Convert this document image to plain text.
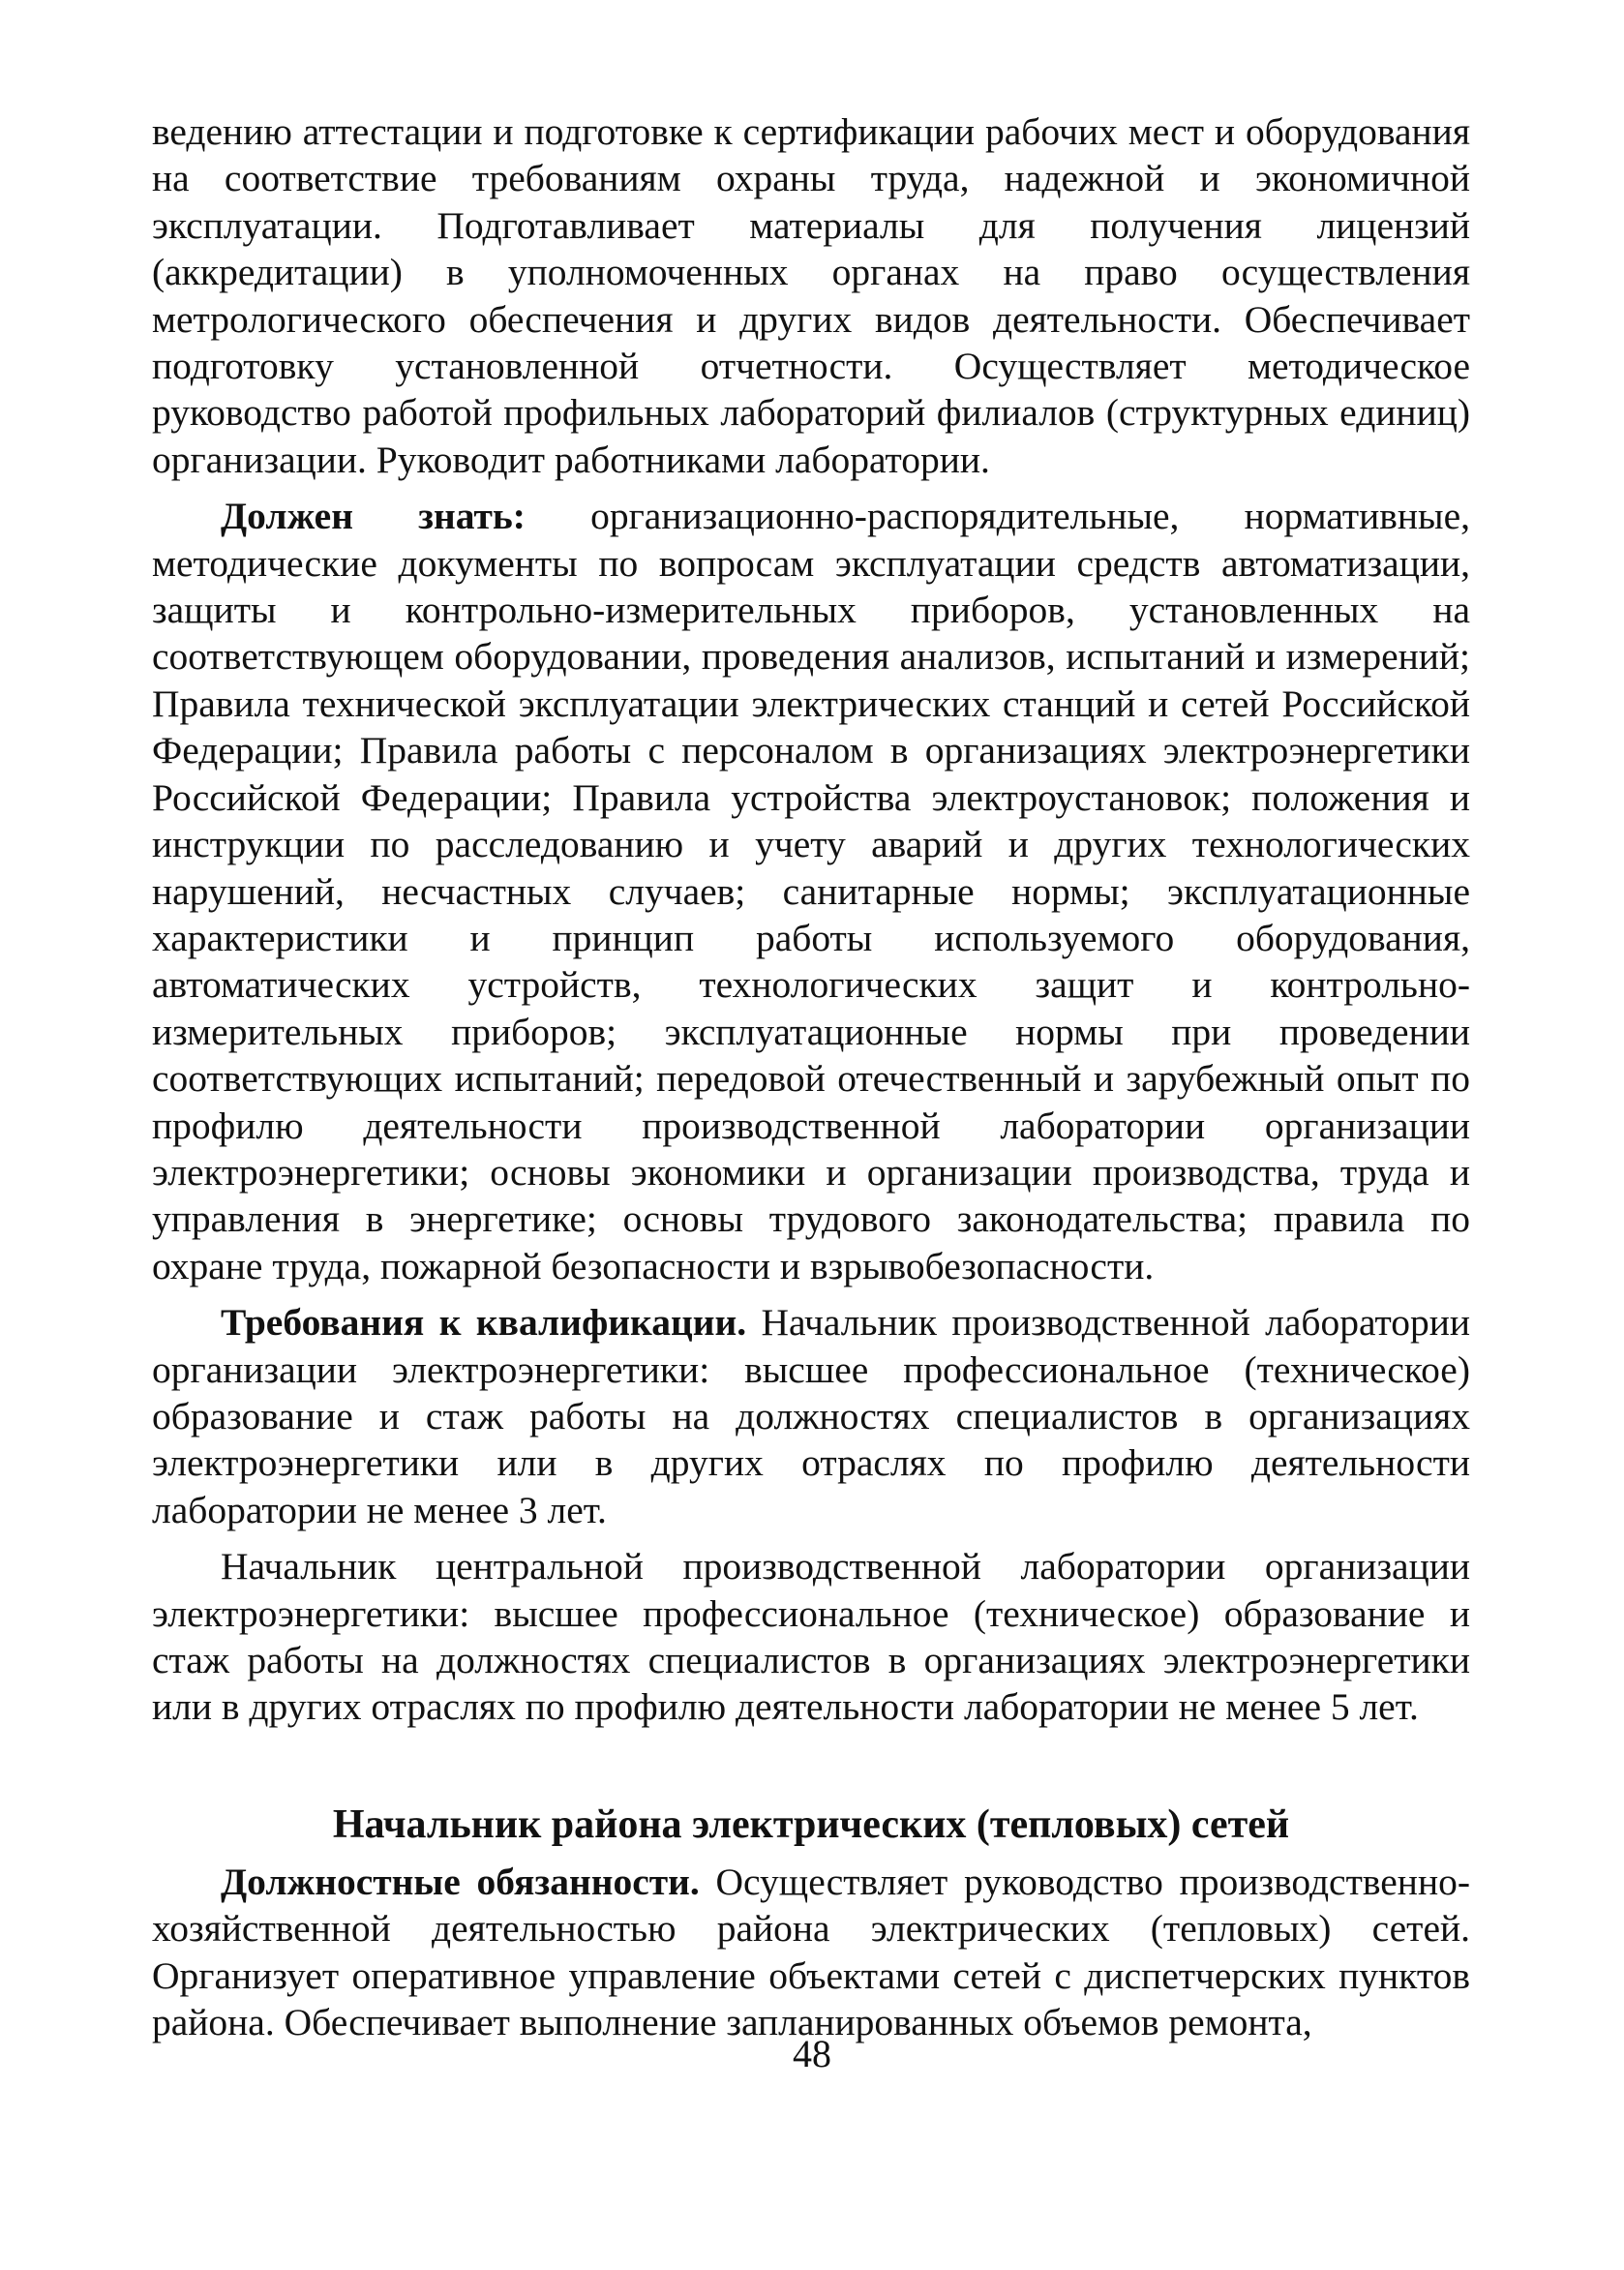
ведению аттестации и подготовке к сертификации рабочих мест и оборудования на соответствие требованиям охраны труда, надежной и экономичной эксплуатации. Подготавливает материалы для получения лицензий (аккредитации) в уполномоченных органах на право осуществления метрологического обеспечения и других видов деятельности. Обеспечивает подготовку установленной отчетности. Осуществляет методическое руководство работой профильных лабораторий филиалов (структурных единиц) организации. Руководит работниками лаборатории.

Должен знать: организационно-распорядительные, нормативные, методические документы по вопросам эксплуатации средств автоматизации, защиты и контрольно-измерительных приборов, установленных на соответствующем оборудовании, проведения анализов, испытаний и измерений; Правила технической эксплуатации электрических станций и сетей Российской Федерации; Правила работы с персоналом в организациях электроэнергетики Российской Федерации; Правила устройства электроустановок; положения и инструкции по расследованию и учету аварий и других технологических нарушений, несчастных случаев; санитарные нормы; эксплуатационные характеристики и принцип работы используемого оборудования, автоматических устройств, технологических защит и контрольно-измерительных приборов; эксплуатационные нормы при проведении соответствующих испытаний; передовой отечественный и зарубежный опыт по профилю деятельности производственной лаборатории организации электроэнергетики; основы экономики и организации производства, труда и управления в энергетике; основы трудового законодательства; правила по охране труда, пожарной безопасности и взрывобезопасности.

Требования к квалификации. Начальник производственной лаборатории организации электроэнергетики: высшее профессиональное (техническое) образование и стаж работы на должностях специалистов в организациях электроэнергетики или в других отраслях по профилю деятельности лаборатории не менее 3 лет.

Начальник центральной производственной лаборатории организации электроэнергетики: высшее профессиональное (техническое) образование и стаж работы на должностях специалистов в организациях электроэнергетики или в других отраслях по профилю деятельности лаборатории не менее 5 лет.

Начальник района электрических (тепловых) сетей

Должностные обязанности. Осуществляет руководство производственно-хозяйственной деятельностью района электрических (тепловых) сетей. Организует оперативное управление объектами сетей с диспетчерских пунктов района. Обеспечивает выполнение запланированных объемов ремонта,

48
